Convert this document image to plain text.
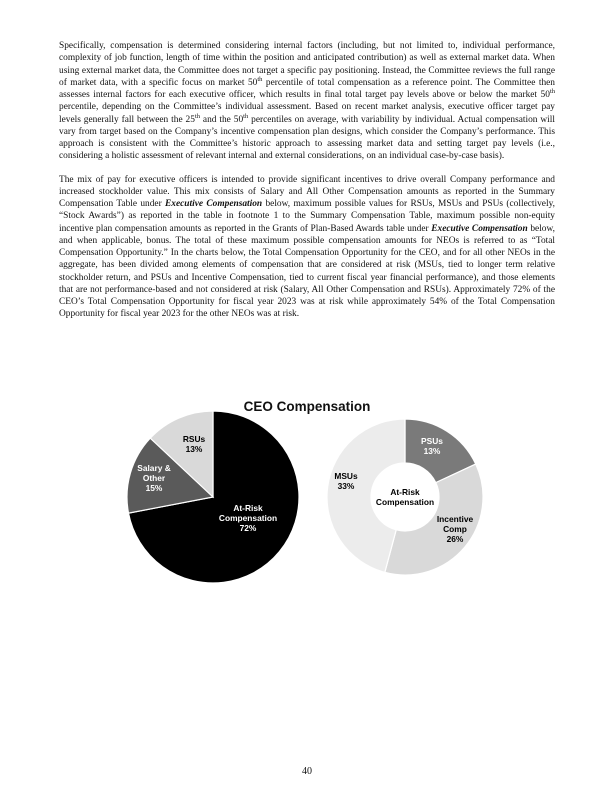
Specifically, compensation is determined considering internal factors (including, but not limited to, individual performance, complexity of job function, length of time within the position and anticipated contribution) as well as external market data. When using external market data, the Committee does not target a specific pay positioning. Instead, the Committee reviews the full range of market data, with a specific focus on market 50th percentile of total compensation as a reference point. The Committee then assesses internal factors for each executive officer, which results in final total target pay levels above or below the market 50th percentile, depending on the Committee’s individual assessment. Based on recent market analysis, executive officer target pay levels generally fall between the 25th and the 50th percentiles on average, with variability by individual. Actual compensation will vary from target based on the Company’s incentive compensation plan designs, which consider the Company’s performance. This approach is consistent with the Committee’s historic approach to assessing market data and setting target pay levels (i.e., considering a holistic assessment of relevant internal and external considerations, on an individual case-by-case basis).

The mix of pay for executive officers is intended to provide significant incentives to drive overall Company performance and increased stockholder value. This mix consists of Salary and All Other Compensation amounts as reported in the Summary Compensation Table under Executive Compensation below, maximum possible values for RSUs, MSUs and PSUs (collectively, “Stock Awards”) as reported in the table in footnote 1 to the Summary Compensation Table, maximum possible non-equity incentive plan compensation amounts as reported in the Grants of Plan-Based Awards table under Executive Compensation below, and when applicable, bonus. The total of these maximum possible compensation amounts for NEOs is referred to as “Total Compensation Opportunity.” In the charts below, the Total Compensation Opportunity for the CEO, and for all other NEOs in the aggregate, has been divided among elements of compensation that are considered at risk (MSUs, tied to longer term relative stockholder return, and PSUs and Incentive Compensation, tied to current fiscal year financial performance), and those elements that are not performance-based and not considered at risk (Salary, All Other Compensation and RSUs). Approximately 72% of the CEO’s Total Compensation Opportunity for fiscal year 2023 was at risk while approximately 54% of the Total Compensation Opportunity for fiscal year 2023 for the other NEOs was at risk.

CEO Compensation
At-Risk Compensation 72%
Salary & Other 15%
RSUs 13%
PSUs 13%
Incentive Comp 26%
MSUs 33%
At-Risk Compensation
40
